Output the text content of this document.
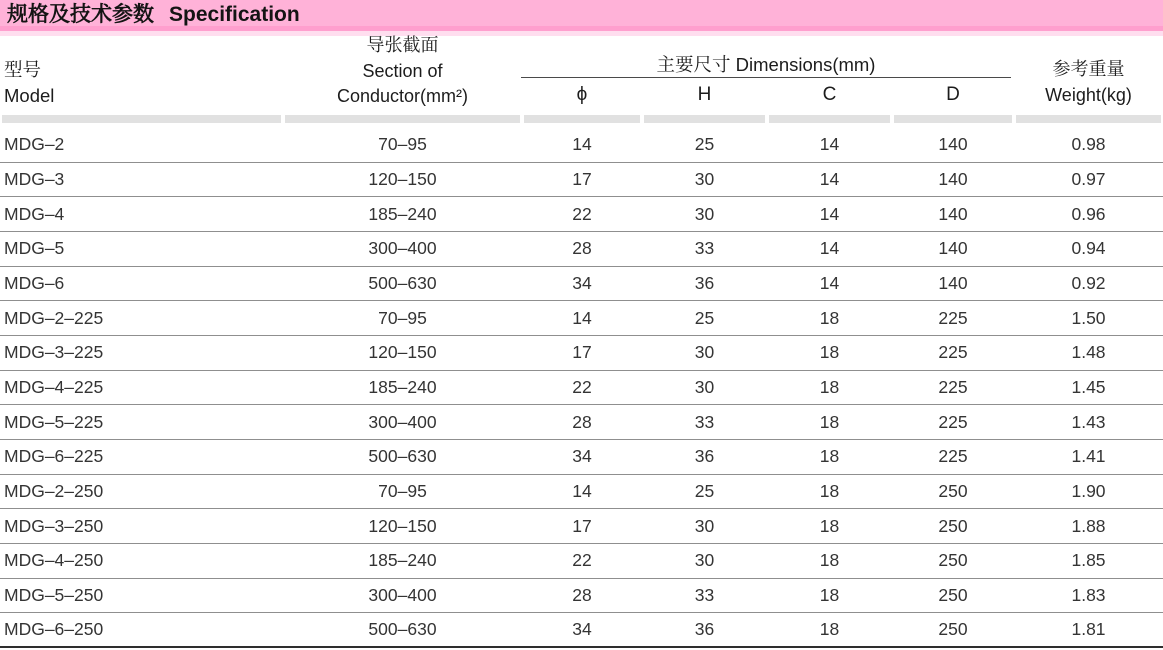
规格及技术参数 Specification
型号
Model
导张截面
Section of
Conductor(mm²)
主要尺寸 Dimensions(mm)
ϕ	H	C	D
参考重量
Weight(kg)
MDG–2	70–95	14	25	14	140	0.98
MDG–3	120–150	17	30	14	140	0.97
MDG–4	185–240	22	30	14	140	0.96
MDG–5	300–400	28	33	14	140	0.94
MDG–6	500–630	34	36	14	140	0.92
MDG–2–225	70–95	14	25	18	225	1.50
MDG–3–225	120–150	17	30	18	225	1.48
MDG–4–225	185–240	22	30	18	225	1.45
MDG–5–225	300–400	28	33	18	225	1.43
MDG–6–225	500–630	34	36	18	225	1.41
MDG–2–250	70–95	14	25	18	250	1.90
MDG–3–250	120–150	17	30	18	250	1.88
MDG–4–250	185–240	22	30	18	250	1.85
MDG–5–250	300–400	28	33	18	250	1.83
MDG–6–250	500–630	34	36	18	250	1.81
